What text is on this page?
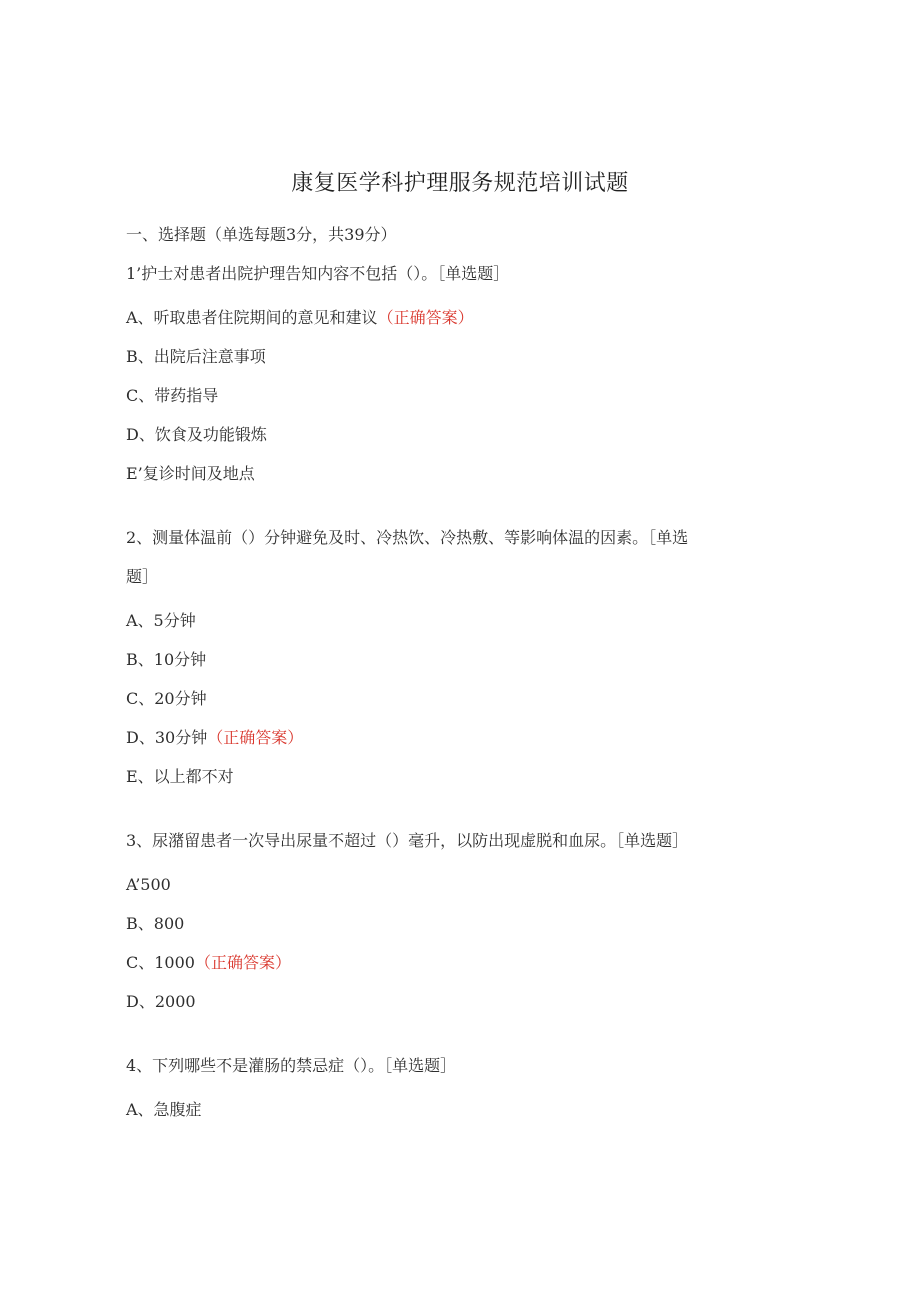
康复医学科护理服务规范培训试题
一、选择题（单选每题3分，共39分）
1’护士对患者出院护理告知内容不包括（）。［单选题］
A、听取患者住院期间的意见和建议（正确答案）
B、出院后注意事项
C、带药指导
D、饮食及功能锻炼
E’复诊时间及地点
2、测量体温前（）分钟避免及时、冷热饮、冷热敷、等影响体温的因素。［单选
题］
A、5分钟
B、10分钟
C、20分钟
D、30分钟（正确答案）
E、以上都不对
3、尿潴留患者一次导出尿量不超过（）毫升，以防出现虚脱和血尿。［单选题］
A’500
B、800
C、1000（正确答案）
D、2000
4、下列哪些不是灌肠的禁忌症（）。［单选题］
A、急腹症
